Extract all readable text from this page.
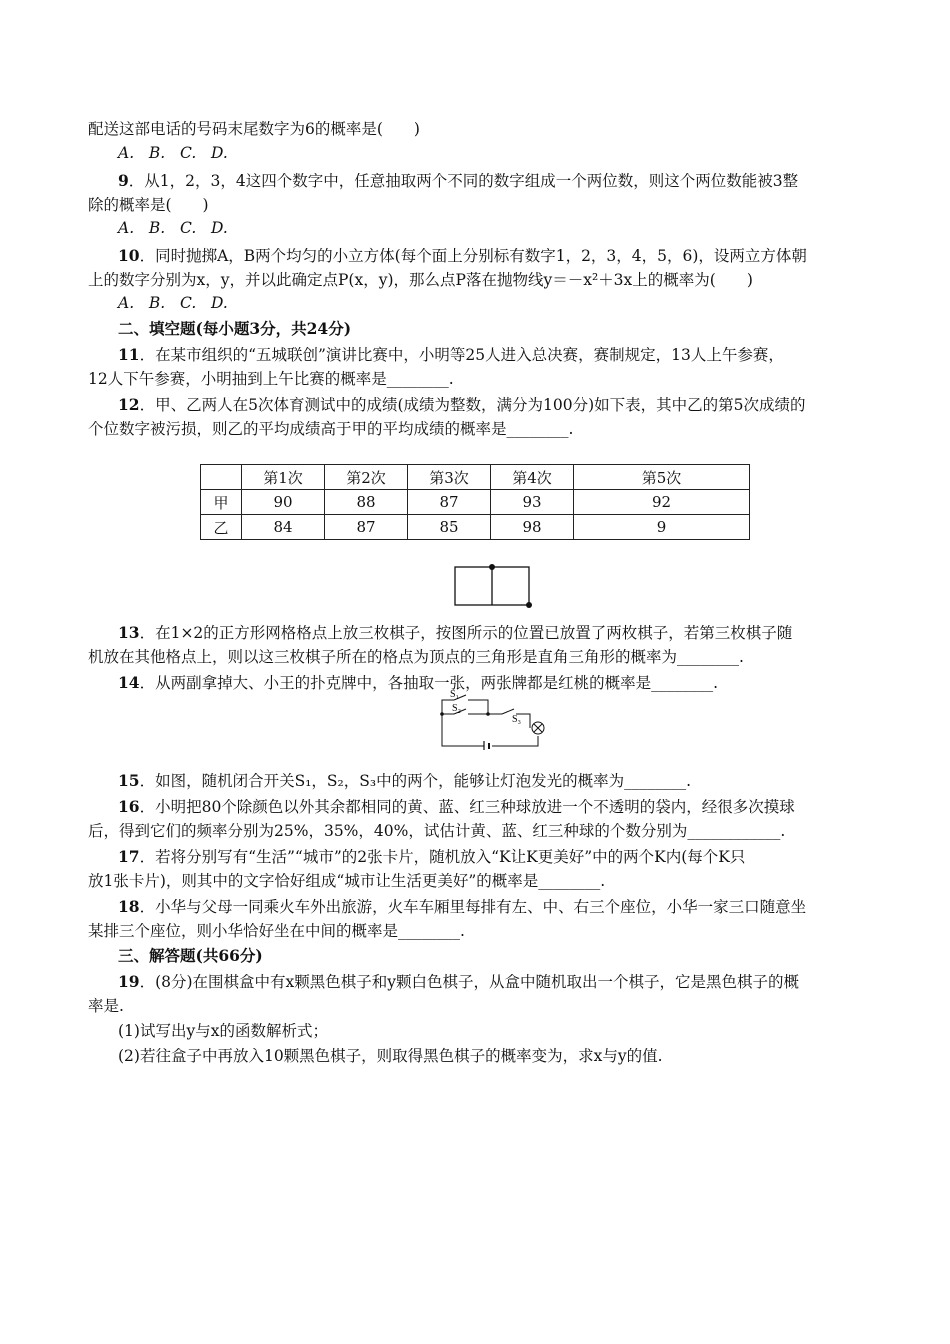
配送这部电话的号码末尾数字为6的概率是(　　)
A. B. C. D.
9．从1，2，3，4这四个数字中，任意抽取两个不同的数字组成一个两位数，则这个两位数能被3整
除的概率是(　　)
A. B. C. D.
10．同时抛掷A，B两个均匀的小立方体(每个面上分别标有数字1，2，3，4，5，6)，设两立方体朝
上的数字分别为x，y，并以此确定点P(x，y)，那么点P落在抛物线y＝－x²＋3x上的概率为(　　)
A. B. C. D.
二、填空题(每小题3分，共24分)
11．在某市组织的“五城联创”演讲比赛中，小明等25人进入总决赛，赛制规定，13人上午参赛，
12人下午参赛，小明抽到上午比赛的概率是________.
12．甲、乙两人在5次体育测试中的成绩(成绩为整数，满分为100分)如下表，其中乙的第5次成绩的
个位数字被污损，则乙的平均成绩高于甲的平均成绩的概率是________.
	第1次	第2次	第3次	第4次	第5次
甲	90	88	87	93	92
乙	84	87	85	98	9
13．在1×2的正方形网格格点上放三枚棋子，按图所示的位置已放置了两枚棋子，若第三枚棋子随
机放在其他格点上，则以这三枚棋子所在的格点为顶点的三角形是直角三角形的概率为________.
14．从两副拿掉大、小王的扑克牌中，各抽取一张，两张牌都是红桃的概率是________.
S₁
S₂
S₃
15．如图，随机闭合开关S₁，S₂，S₃中的两个，能够让灯泡发光的概率为________.
16．小明把80个除颜色以外其余都相同的黄、蓝、红三种球放进一个不透明的袋内，经很多次摸球
后，得到它们的频率分别为25%，35%，40%，试估计黄、蓝、红三种球的个数分别为____________.
17．若将分别写有“生活”“城市”的2张卡片，随机放入“K让K更美好”中的两个K内(每个K只
放1张卡片)，则其中的文字恰好组成“城市让生活更美好”的概率是________.
18．小华与父母一同乘火车外出旅游，火车车厢里每排有左、中、右三个座位，小华一家三口随意坐
某排三个座位，则小华恰好坐在中间的概率是________.
三、解答题(共66分)
19．(8分)在围棋盒中有x颗黑色棋子和y颗白色棋子，从盒中随机取出一个棋子，它是黑色棋子的概
率是.
(1)试写出y与x的函数解析式；
(2)若往盒子中再放入10颗黑色棋子，则取得黑色棋子的概率变为，求x与y的值.
